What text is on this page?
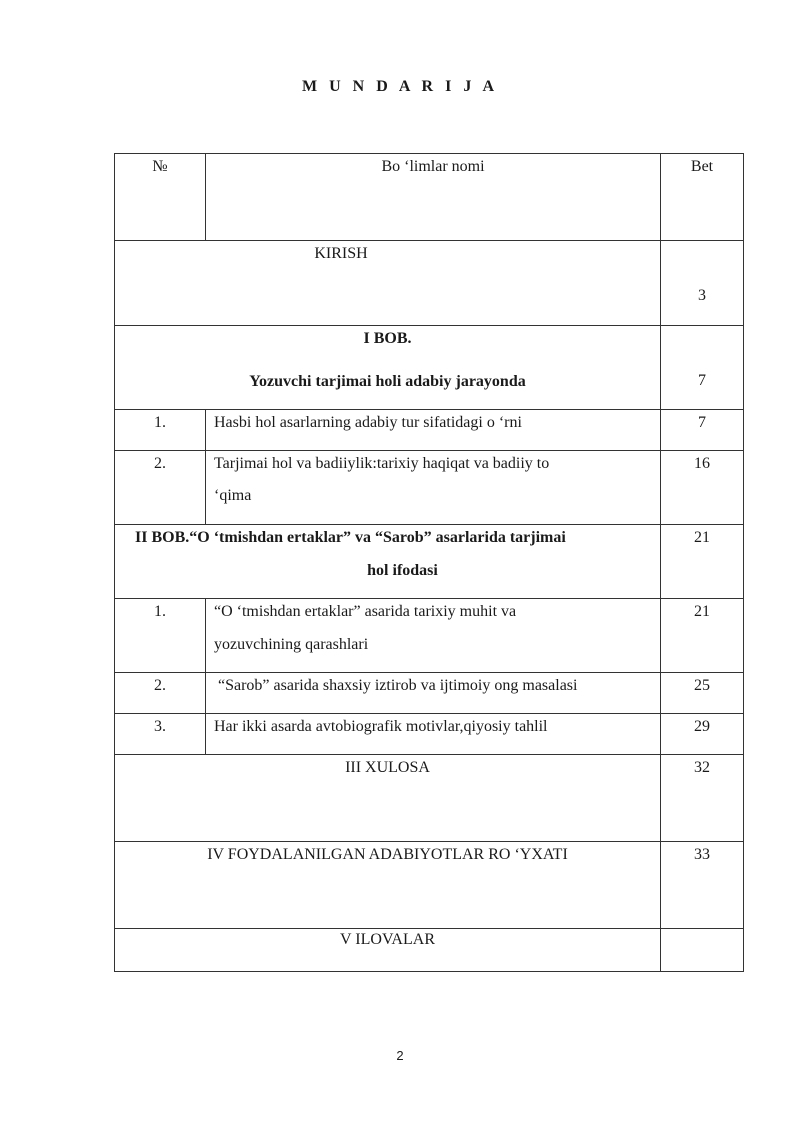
M U N D A R I J A
№	Bo ‘limlar nomi	Bet
KIRISH		3

I BOB.
Yozuvchi tarjimai holi adabiy jarayonda		7
1.	Hasbi hol asarlarning adabiy tur sifatidagi o ‘rni	7
2.	Tarjimai hol va badiiylik:tarixiy haqiqat va badiiy to
‘qima	16

II BOB.“O ‘tmishdan ertaklar” va “Sarob” asarlarida tarjimai
hol ifodasi		21
1.	“O ‘tmishdan ertaklar” asarida tarixiy muhit va
yozuvchining qarashlari	21
2.	“Sarob” asarida shaxsiy iztirob va ijtimoiy ong masalasi	25
3.	Har ikki asarda avtobiografik motivlar,qiyosiy tahlil	29
III XULOSA		32
IV FOYDALANILGAN ADABIYOTLAR RO ‘YXATI		33
V ILOVALAR		
2
